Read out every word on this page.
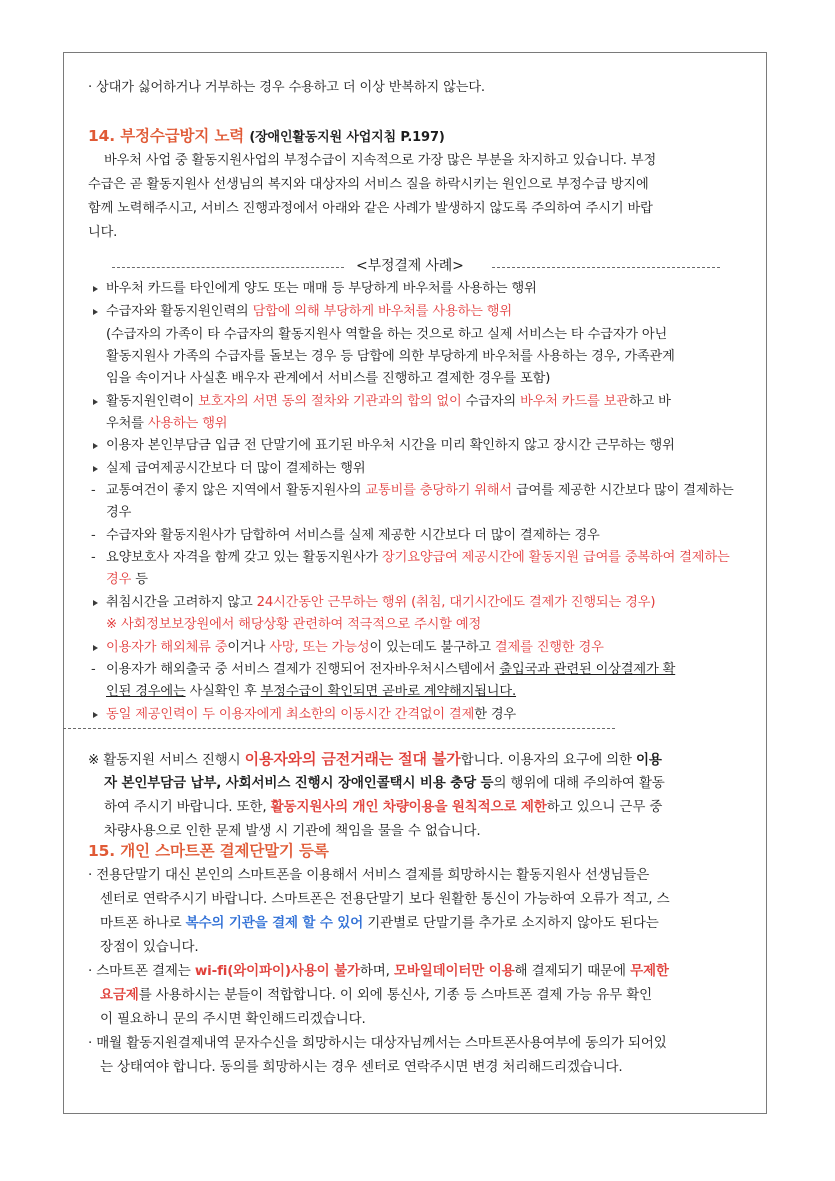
· 상대가 싫어하거나 거부하는 경우 수용하고 더 이상 반복하지 않는다.
14. 부정수급방지 노력 (장애인활동지원 사업지침 P.197)
바우처 사업 중 활동지원사업의 부정수급이 지속적으로 가장 많은 부분을 차지하고 있습니다. 부정
수급은 곧 활동지원사 선생님의 복지와 대상자의 서비스 질을 하락시키는 원인으로 부정수급 방지에
함께 노력해주시고, 서비스 진행과정에서 아래와 같은 사례가 발생하지 않도록 주의하여 주시기 바랍
니다.
<부정결제 사례>
바우처 카드를 타인에게 양도 또는 매매 등 부당하게 바우처를 사용하는 행위
수급자와 활동지원인력의 담합에 의해 부당하게 바우처를 사용하는 행위
(수급자의 가족이 타 수급자의 활동지원사 역할을 하는 것으로 하고 실제 서비스는 타 수급자가 아닌
활동지원사 가족의 수급자를 돌보는 경우 등 담합에 의한 부당하게 바우처를 사용하는 경우, 가족관계
임을 속이거나 사실혼 배우자 관계에서 서비스를 진행하고 결제한 경우를 포함)
활동지원인력이 보호자의 서면 동의 절차와 기관과의 합의 없이 수급자의 바우처 카드를 보관하고 바
우처를 사용하는 행위
이용자 본인부담금 입금 전 단말기에 표기된 바우처 시간을 미리 확인하지 않고 장시간 근무하는 행위
실제 급여제공시간보다 더 많이 결제하는 행위
- 교통여건이 좋지 않은 지역에서 활동지원사의 교통비를 충당하기 위해서 급여를 제공한 시간보다 많이 결제하는
경우
- 수급자와 활동지원사가 담합하여 서비스를 실제 제공한 시간보다 더 많이 결제하는 경우
- 요양보호사 자격을 함께 갖고 있는 활동지원사가 장기요양급여 제공시간에 활동지원 급여를 중복하여 결제하는
경우 등
취침시간을 고려하지 않고 24시간동안 근무하는 행위 (취침, 대기시간에도 결제가 진행되는 경우)
※ 사회정보보장원에서 해당상황 관련하여 적극적으로 주시할 예정
이용자가 해외체류 중이거나 사망, 또는 가능성이 있는데도 불구하고 결제를 진행한 경우
- 이용자가 해외출국 중 서비스 결제가 진행되어 전자바우처시스템에서 출입국과 관련된 이상결제가 확
인된 경우에는 사실확인 후 부정수급이 확인되면 곧바로 계약해지됩니다.
동일 제공인력이 두 이용자에게 최소한의 이동시간 간격없이 결제한 경우
※ 활동지원 서비스 진행시 이용자와의 금전거래는 절대 불가합니다. 이용자의 요구에 의한 이용
자 본인부담금 납부, 사회서비스 진행시 장애인콜택시 비용 충당 등의 행위에 대해 주의하여 활동
하여 주시기 바랍니다. 또한, 활동지원사의 개인 차량이용을 원칙적으로 제한하고 있으니 근무 중
차량사용으로 인한 문제 발생 시 기관에 책임을 물을 수 없습니다.
15. 개인 스마트폰 결제단말기 등록
· 전용단말기 대신 본인의 스마트폰을 이용해서 서비스 결제를 희망하시는 활동지원사 선생님들은
센터로 연락주시기 바랍니다. 스마트폰은 전용단말기 보다 원활한 통신이 가능하여 오류가 적고, 스
마트폰 하나로 복수의 기관을 결제 할 수 있어 기관별로 단말기를 추가로 소지하지 않아도 된다는
장점이 있습니다.
· 스마트폰 결제는 wi-fi(와이파이)사용이 불가하며, 모바일데이터만 이용해 결제되기 때문에 무제한
요금제를 사용하시는 분들이 적합합니다. 이 외에 통신사, 기종 등 스마트폰 결제 가능 유무 확인
이 필요하니 문의 주시면 확인해드리겠습니다.
· 매월 활동지원결제내역 문자수신을 희망하시는 대상자님께서는 스마트폰사용여부에 동의가 되어있
는 상태여야 합니다. 동의를 희망하시는 경우 센터로 연락주시면 변경 처리해드리겠습니다.
